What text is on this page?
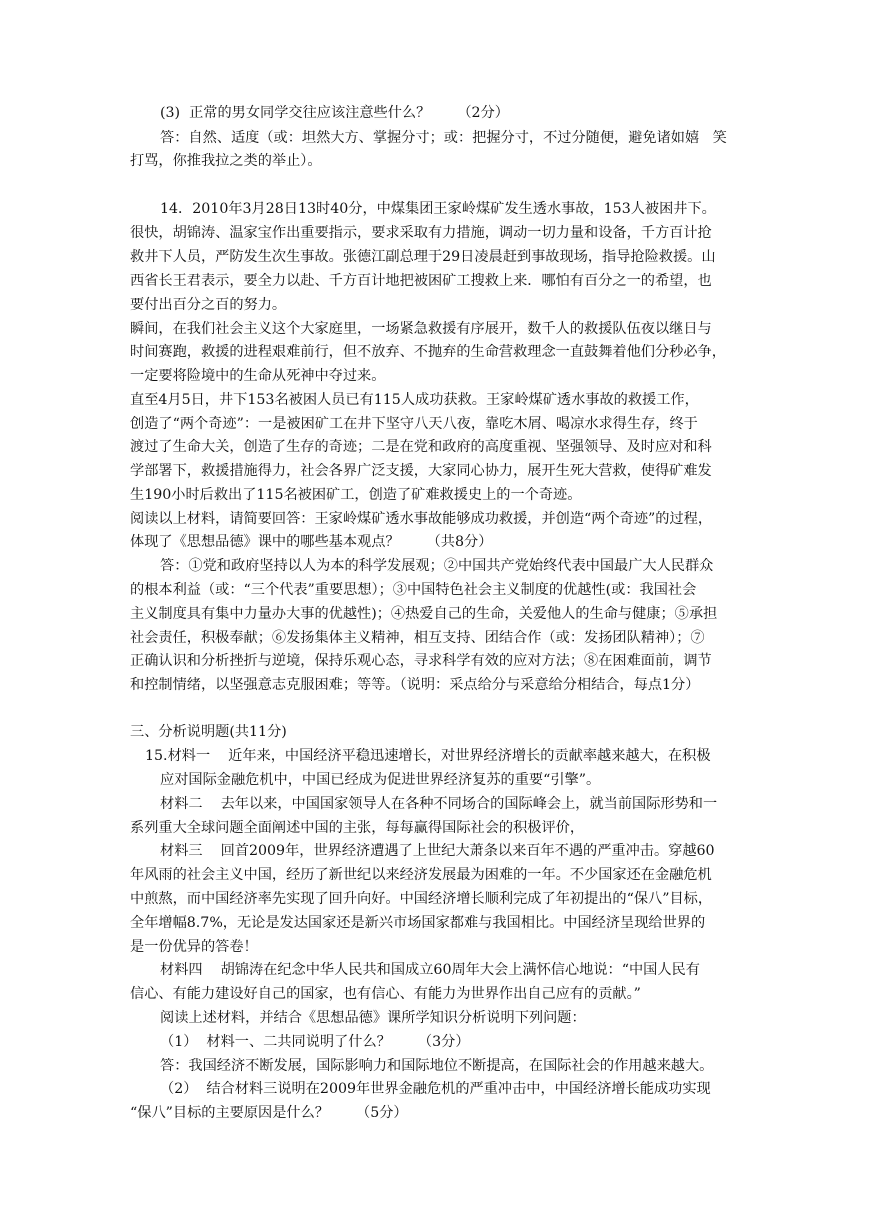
(3)  正常的男女同学交往应该注意些什么？      （2分）
答：自然、适度（或：坦然大方、掌握分寸；或：把握分寸，不过分随便，避免诸如嬉   笑
打骂，你推我拉之类的举止）。
14．2010年3月28日13时40分，中煤集团王家岭煤矿发生透水事故，153人被困井下。
很快，胡锦涛、温家宝作出重要指示，要求采取有力措施，调动一切力量和设备，千方百计抢
救井下人员，严防发生次生事故。张德江副总理于29日凌晨赶到事故现场，指导抢险救援。山
西省长王君表示，要全力以赴、千方百计地把被困矿工搜救上来．哪怕有百分之一的希望，也
要付出百分之百的努力。
瞬间，在我们社会主义这个大家庭里，一场紧急救援有序展开，数千人的救援队伍夜以继日与
时间赛跑，救援的进程艰难前行，但不放弃、不抛弃的生命营救理念一直鼓舞着他们分秒必争，
一定要将险境中的生命从死神中夺过来。
直至4月5日，井下153名被困人员已有115人成功获救。王家岭煤矿透水事故的救援工作，
创造了“两个奇迹”：一是被困矿工在井下坚守八天八夜，靠吃木屑、喝凉水求得生存，终于
渡过了生命大关，创造了生存的奇迹；二是在党和政府的高度重视、坚强领导、及时应对和科
学部署下，救援措施得力，社会各界广泛支援，大家同心协力，展开生死大营救，使得矿难发
生190小时后救出了115名被困矿工，创造了矿难救援史上的一个奇迹。
阅读以上材料，请简要回答：王家岭煤矿透水事故能够成功救援，并创造“两个奇迹”的过程，
体现了《思想品德》课中的哪些基本观点？      （共8分）
答：①党和政府坚持以人为本的科学发展观；②中国共产党始终代表中国最广大人民群众
的根本利益（或：“三个代表”重要思想）；③中国特色社会主义制度的优越性(或：我国社会
主义制度具有集中力量办大事的优越性)；④热爱自己的生命，关爱他人的生命与健康；⑤承担
社会责任，积极奉献；⑥发扬集体主义精神，相互支持、团结合作（或：发扬团队精神）；⑦
正确认识和分析挫折与逆境，保持乐观心态，寻求科学有效的应对方法；⑧在困难面前，调节
和控制情绪，以坚强意志克服困难；等等。（说明：采点给分与采意给分相结合，每点1分）
三、分析说明题(共11分)
15.材料一    近年来，中国经济平稳迅速增长，对世界经济增长的贡献率越来越大，在积极
应对国际金融危机中，中国已经成为促进世界经济复苏的重要“引擎”。
材料二    去年以来，中国国家领导人在各种不同场合的国际峰会上，就当前国际形势和一
系列重大全球问题全面阐述中国的主张，每每赢得国际社会的积极评价，
材料三    回首2009年，世界经济遭遇了上世纪大萧条以来百年不遇的严重冲击。穿越60
年风雨的社会主义中国，经历了新世纪以来经济发展最为困难的一年。不少国家还在金融危机
中煎熬，而中国经济率先实现了回升向好。中国经济增长顺利完成了年初提出的“保八”目标，
全年增幅8.7%，无论是发达国家还是新兴市场国家都难与我国相比。中国经济呈现给世界的
是一份优异的答卷！
材料四    胡锦涛在纪念中华人民共和国成立60周年大会上满怀信心地说：“中国人民有
信心、有能力建设好自己的国家，也有信心、有能力为世界作出自己应有的贡献。”
阅读上述材料，并结合《思想品德》课所学知识分析说明下列问题：
（1）  材料一、二共同说明了什么？      （3分）
答：我国经济不断发展，国际影响力和国际地位不断提高，在国际社会的作用越来越大。
（2）  结合材料三说明在2009年世界金融危机的严重冲击中，中国经济增长能成功实现
“保八”目标的主要原因是什么？      （5分）
